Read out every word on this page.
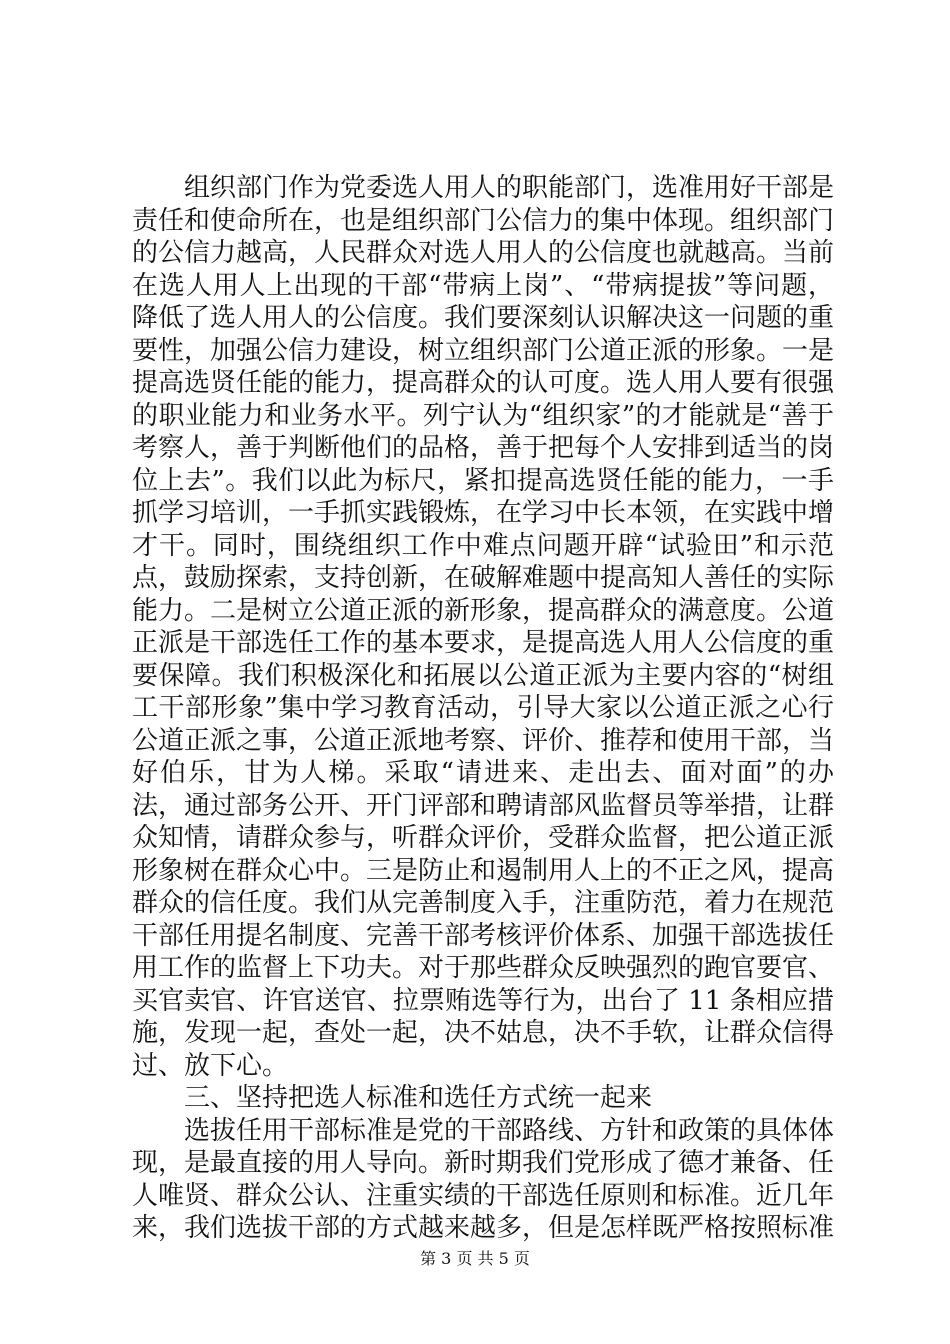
组织部门作为党委选人用人的职能部门，选准用好干部是责任和使命所在，也是组织部门公信力的集中体现。组织部门的公信力越高，人民群众对选人用人的公信度也就越高。当前在选人用人上出现的干部“带病上岗”、“带病提拔”等问题，降低了选人用人的公信度。我们要深刻认识解决这一问题的重要性，加强公信力建设，树立组织部门公道正派的形象。一是提高选贤任能的能力，提高群众的认可度。选人用人要有很强的职业能力和业务水平。列宁认为“组织家”的才能就是“善于考察人，善于判断他们的品格，善于把每个人安排到适当的岗位上去”。我们以此为标尺，紧扣提高选贤任能的能力，一手抓学习培训，一手抓实践锻炼，在学习中长本领，在实践中增才干。同时，围绕组织工作中难点问题开辟“试验田”和示范点，鼓励探索，支持创新，在破解难题中提高知人善任的实际能力。二是树立公道正派的新形象，提高群众的满意度。公道正派是干部选任工作的基本要求，是提高选人用人公信度的重要保障。我们积极深化和拓展以公道正派为主要内容的“树组工干部形象”集中学习教育活动，引导大家以公道正派之心行公道正派之事，公道正派地考察、评价、推荐和使用干部，当好伯乐，甘为人梯。采取“请进来、走出去、面对面”的办法，通过部务公开、开门评部和聘请部风监督员等举措，让群众知情，请群众参与，听群众评价，受群众监督，把公道正派形象树在群众心中。三是防止和遏制用人上的不正之风，提高群众的信任度。我们从完善制度入手，注重防范，着力在规范干部任用提名制度、完善干部考核评价体系、加强干部选拔任用工作的监督上下功夫。对于那些群众反映强烈的跑官要官、买官卖官、许官送官、拉票贿选等行为，出台了 11 条相应措施，发现一起，查处一起，决不姑息，决不手软，让群众信得过、放下心。

三、坚持把选人标准和选任方式统一起来

选拔任用干部标准是党的干部路线、方针和政策的具体体现，是最直接的用人导向。新时期我们党形成了德才兼备、任人唯贤、群众公认、注重实绩的干部选任原则和标准。近几年来，我们选拔干部的方式越来越多，但是怎样既严格按照标准

第 3 页 共 5 页
